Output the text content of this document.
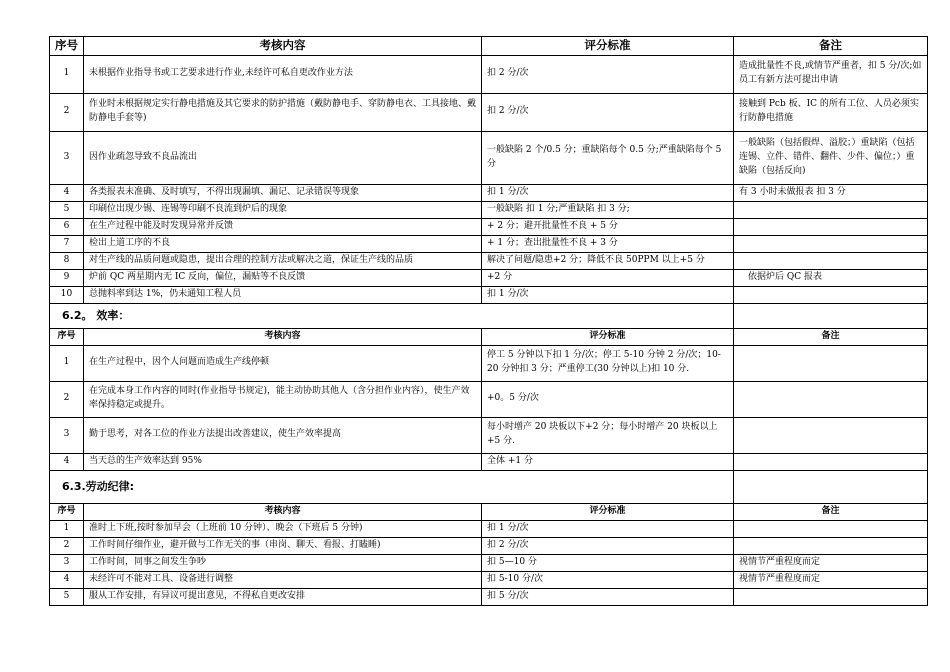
序号	考核内容	评分标准	备注
1	未根据作业指导书或工艺要求进行作业,未经许可私自更改作业方法	扣 2 分/次	造成批量性不良,或情节严重者，扣 5 分/次;如员工有新方法可提出申请
2	作业时未根据规定实行静电措施及其它要求的防护措施（戴防静电手、穿防静电衣、工具接地、戴防静电手套等)	扣 2 分/次	接触到 Pcb 板、IC 的所有工位、人员必须实行防静电措施
3	因作业疏忽导致不良品流出	一般缺陷 2 个/0.5 分；重缺陷每个 0.5 分;严重缺陷每个 5 分	一般缺陷（包括假焊、溢胶；）重缺陷（包括连锡、立件、错件、翻件、少件、偏位；）重缺陷（包括反向)
4	各类报表未准确、及时填写，不得出现漏填、漏记、记录错误等现象	扣 1 分/次	有 3 小时未做报表 扣 3 分
5	印刷位出现少锡、连锡等印刷不良流到炉后的现象	一般缺陷 扣 1 分;严重缺陷 扣 3 分;	
6	在生产过程中能及时发现异常并反馈	+ 2 分；避开批量性不良 + 5 分	
7	检出上道工序的不良	+ 1 分；查出批量性不良 + 3 分	
8	对生产线的品质问题或隐患，提出合理的控制方法或解决之道，保证生产线的品质	解决了问题/隐患+2 分；降低不良 50PPM 以上+5 分	
9	炉前 QC 两星期内无 IC 反向，偏位，漏贴等不良反馈	+2 分	依据炉后 QC 报表
10	总抛料率到达 1%，仍未通知工程人员	扣 1 分/次	
6.2。 效率：			
序号	考核内容	评分标准	备注
1	在生产过程中，因个人问题而造成生产线停顿	停工 5 分钟以下扣 1 分/次；停工 5-10 分钟 2 分/次；10-20 分钟扣 3 分；严重停工(30 分钟以上)扣 10 分.	
2	在完成本身工作内容的同时(作业指导书规定)，能主动协助其他人（含分担作业内容），使生产效率保持稳定或提升。	+0。5 分/次	
3	勤于思考，对各工位的作业方法提出改善建议，使生产效率提高	每小时增产 20 块板以下+2 分；每小时增产 20 块板以上+5 分.	
4	当天总的生产效率达到 95%	全体 +1 分	
6.3.劳动纪律:			
序号	考核内容	评分标准	备注
1	准时上下班,按时参加早会（上班前 10 分钟）、晚会（下班后 5 分钟)	扣 1 分/次	
2	工作时间仔细作业，避开做与工作无关的事（串岗、聊天、看报、打瞌睡)	扣 2 分/次	
3	工作时间，同事之间发生争吵	扣 5—10 分	视情节严重程度而定
4	未经许可不能对工具、设备进行调整	扣 5-10 分/次	视情节严重程度而定
5	服从工作安排，有异议可提出意见，不得私自更改安排	扣 5 分/次	
